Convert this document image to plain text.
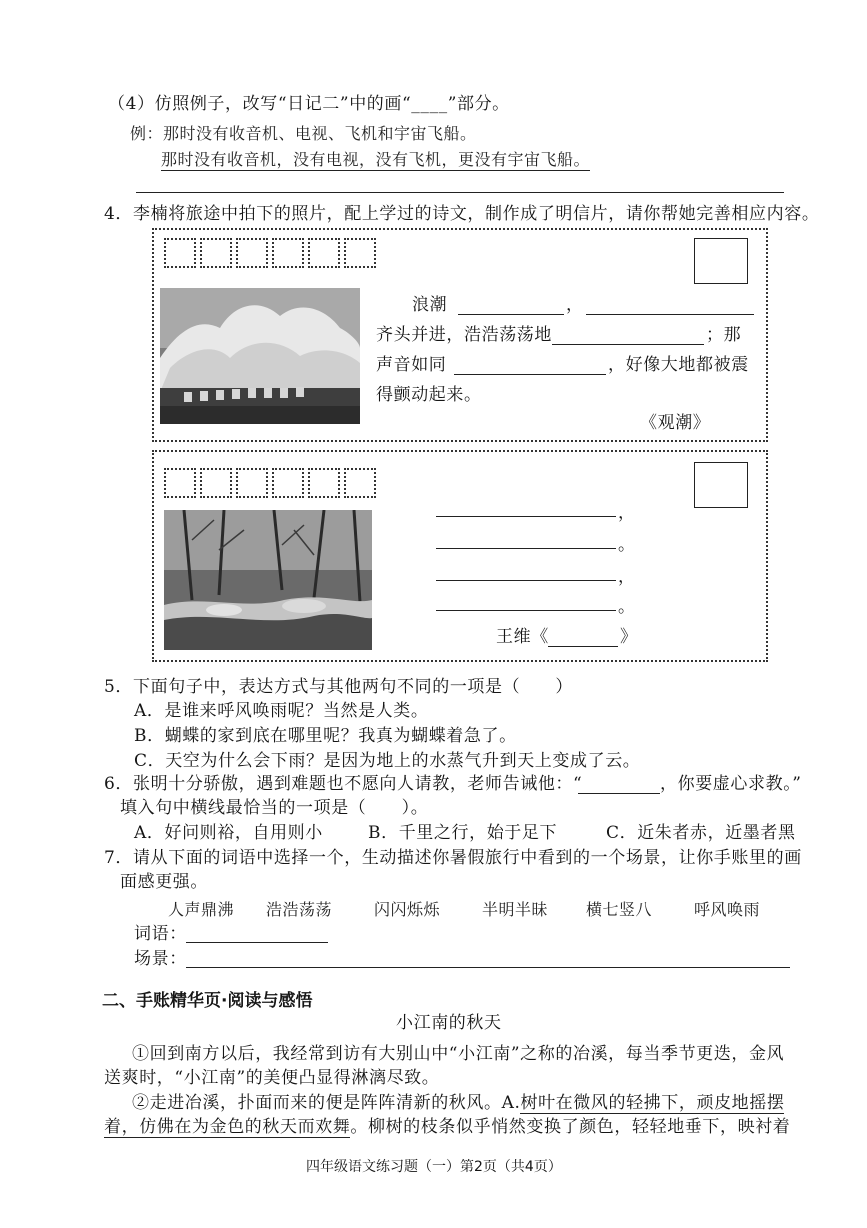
（4）仿照例子，改写“日记二”中的画“____”部分。
例：那时没有收音机、电视、飞机和宇宙飞船。
那时没有收音机，没有电视，没有飞机，更没有宇宙飞船。
4．李楠将旅途中拍下的照片，配上学过的诗文，制作成了明信片，请你帮她完善相应内容。
浪潮	，
齐头并进，浩浩荡荡地	；那
声音如同	，好像大地都被震
得颤动起来。
《观潮》
，
。
，
。
王维《	》
5．下面句子中，表达方式与其他两句不同的一项是（　　）
A．是谁来呼风唤雨呢？当然是人类。
B．蝴蝶的家到底在哪里呢？我真为蝴蝶着急了。
C．天空为什么会下雨？是因为地上的水蒸气升到天上变成了云。
6．张明十分骄傲，遇到难题也不愿向人请教，老师告诫他：“	，你要虚心求教。”
填入句中横线最恰当的一项是（　　）。
A．好问则裕，自用则小	B．千里之行，始于足下	C．近朱者赤，近墨者黑
7．请从下面的词语中选择一个，生动描述你暑假旅行中看到的一个场景，让你手账里的画
面感更强。
人声鼎沸 浩浩荡荡	闪闪烁烁	半明半昧 横七竖八	呼风唤雨
词语：
场景：
二、手账精华页·阅读与感悟
小江南的秋天
①回到南方以后，我经常到访有大别山中“小江南”之称的冶溪，每当季节更迭，金风
送爽时，“小江南”的美便凸显得淋漓尽致。
②走进冶溪，扑面而来的便是阵阵清新的秋风。A.树叶在微风的轻拂下，顽皮地摇摆
着，仿佛在为金色的秋天而欢舞。柳树的枝条似乎悄然变换了颜色，轻轻地垂下，映衬着
四年级语文练习题（一）第2页（共4页）
